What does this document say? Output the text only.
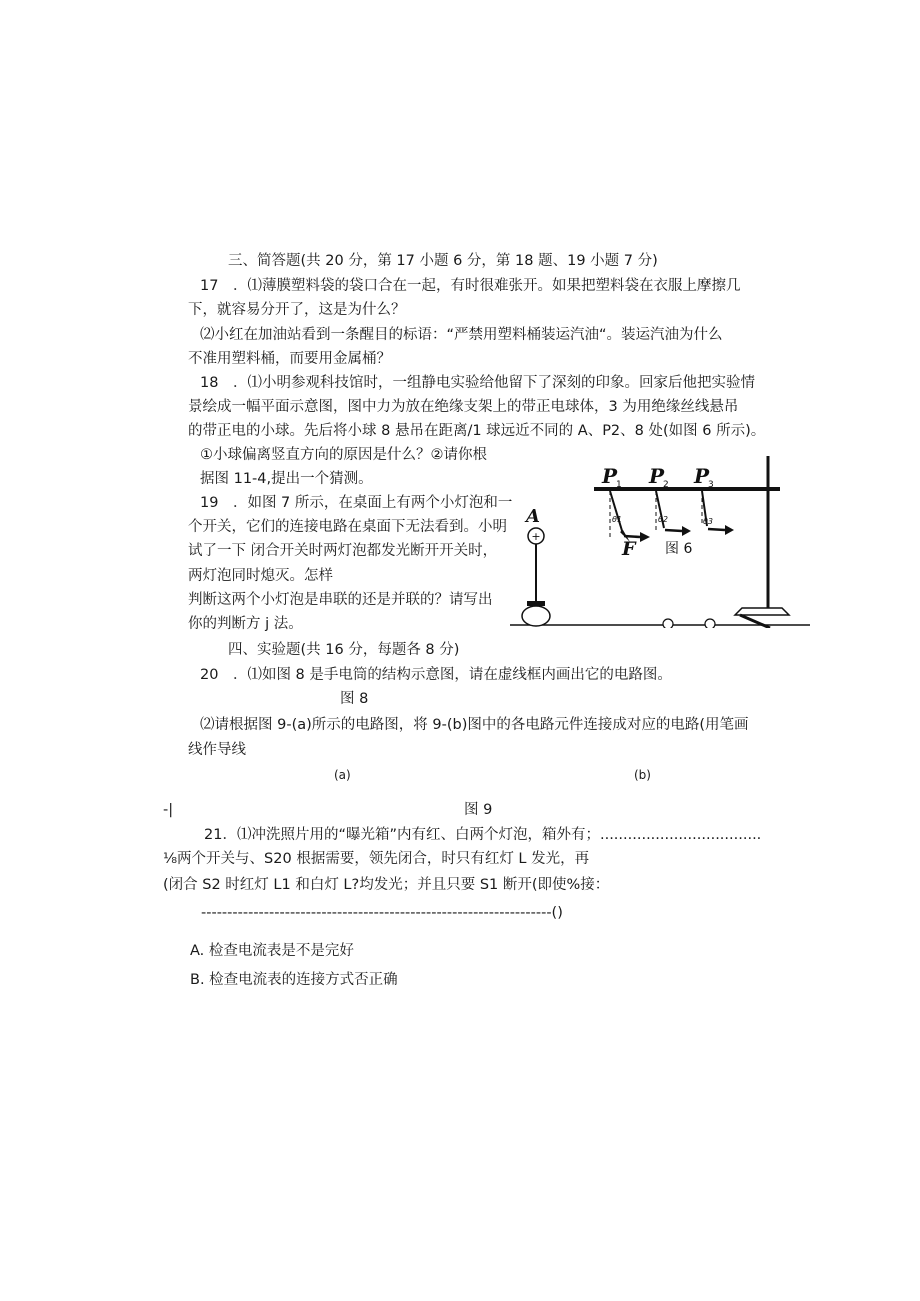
三、简答题(共 20 分，第 17 小题 6 分，第 18 题、19 小题 7 分)
17　．⑴薄膜塑料袋的袋口合在一起，有时很难张开。如果把塑料袋在衣服上摩擦几
下，就容易分开了，这是为什么？
⑵小红在加油站看到一条醒目的标语：“严禁用塑料桶装运汽油“。装运汽油为什么
不准用塑料桶，而要用金属桶？
18　．⑴小明参观科技馆时，一组静电实验给他留下了深刻的印象。回家后他把实验情
景绘成一幅平面示意图，图中力为放在绝缘支架上的带正电球体，3 为用绝缘丝线悬吊
的带正电的小球。先后将小球 8 悬吊在距离/1 球远近不同的 A、P2、8 处(如图 6 所示)。
①小球偏离竖直方向的原因是什么？②请你根
据图 11-4,提出一个猜测。
19　．如图 7 所示，在桌面上有两个小灯泡和一
个开关，它们的连接电路在桌面下无法看到。小明
试了一下 闭合开关时两灯泡都发光断开开关时，
两灯泡同时熄灭。怎样
判断这两个小灯泡是串联的还是并联的？请写出
你的判断方 j 法。
+
A
P
1
θ1
F
P
2
θ2
图 6
P
3
θ3
四、实验题(共 16 分，每题各 8 分)
20　．⑴如图 8 是手电筒的结构示意图，请在虚线框内画出它的电路图。
图 8
⑵请根据图 9-(a)所示的电路图，将 9-(b)图中的各电路元件连接成对应的电路(用笔画
线作导线
(a)	(b)
-|	图 9
21．⑴冲洗照片用的“曝光箱”内有红、白两个灯泡，箱外有；...................................
⅛两个开关与、S20 根据需要，领先闭合，时只有红灯 L 发光，再
(闭合 S2 时红灯 L1 和白灯 L?均发光；并且只要 S1 断开(即使%接：
-------------------------------------------------------------------()
A. 检查电流表是不是完好
B. 检查电流表的连接方式否正确
